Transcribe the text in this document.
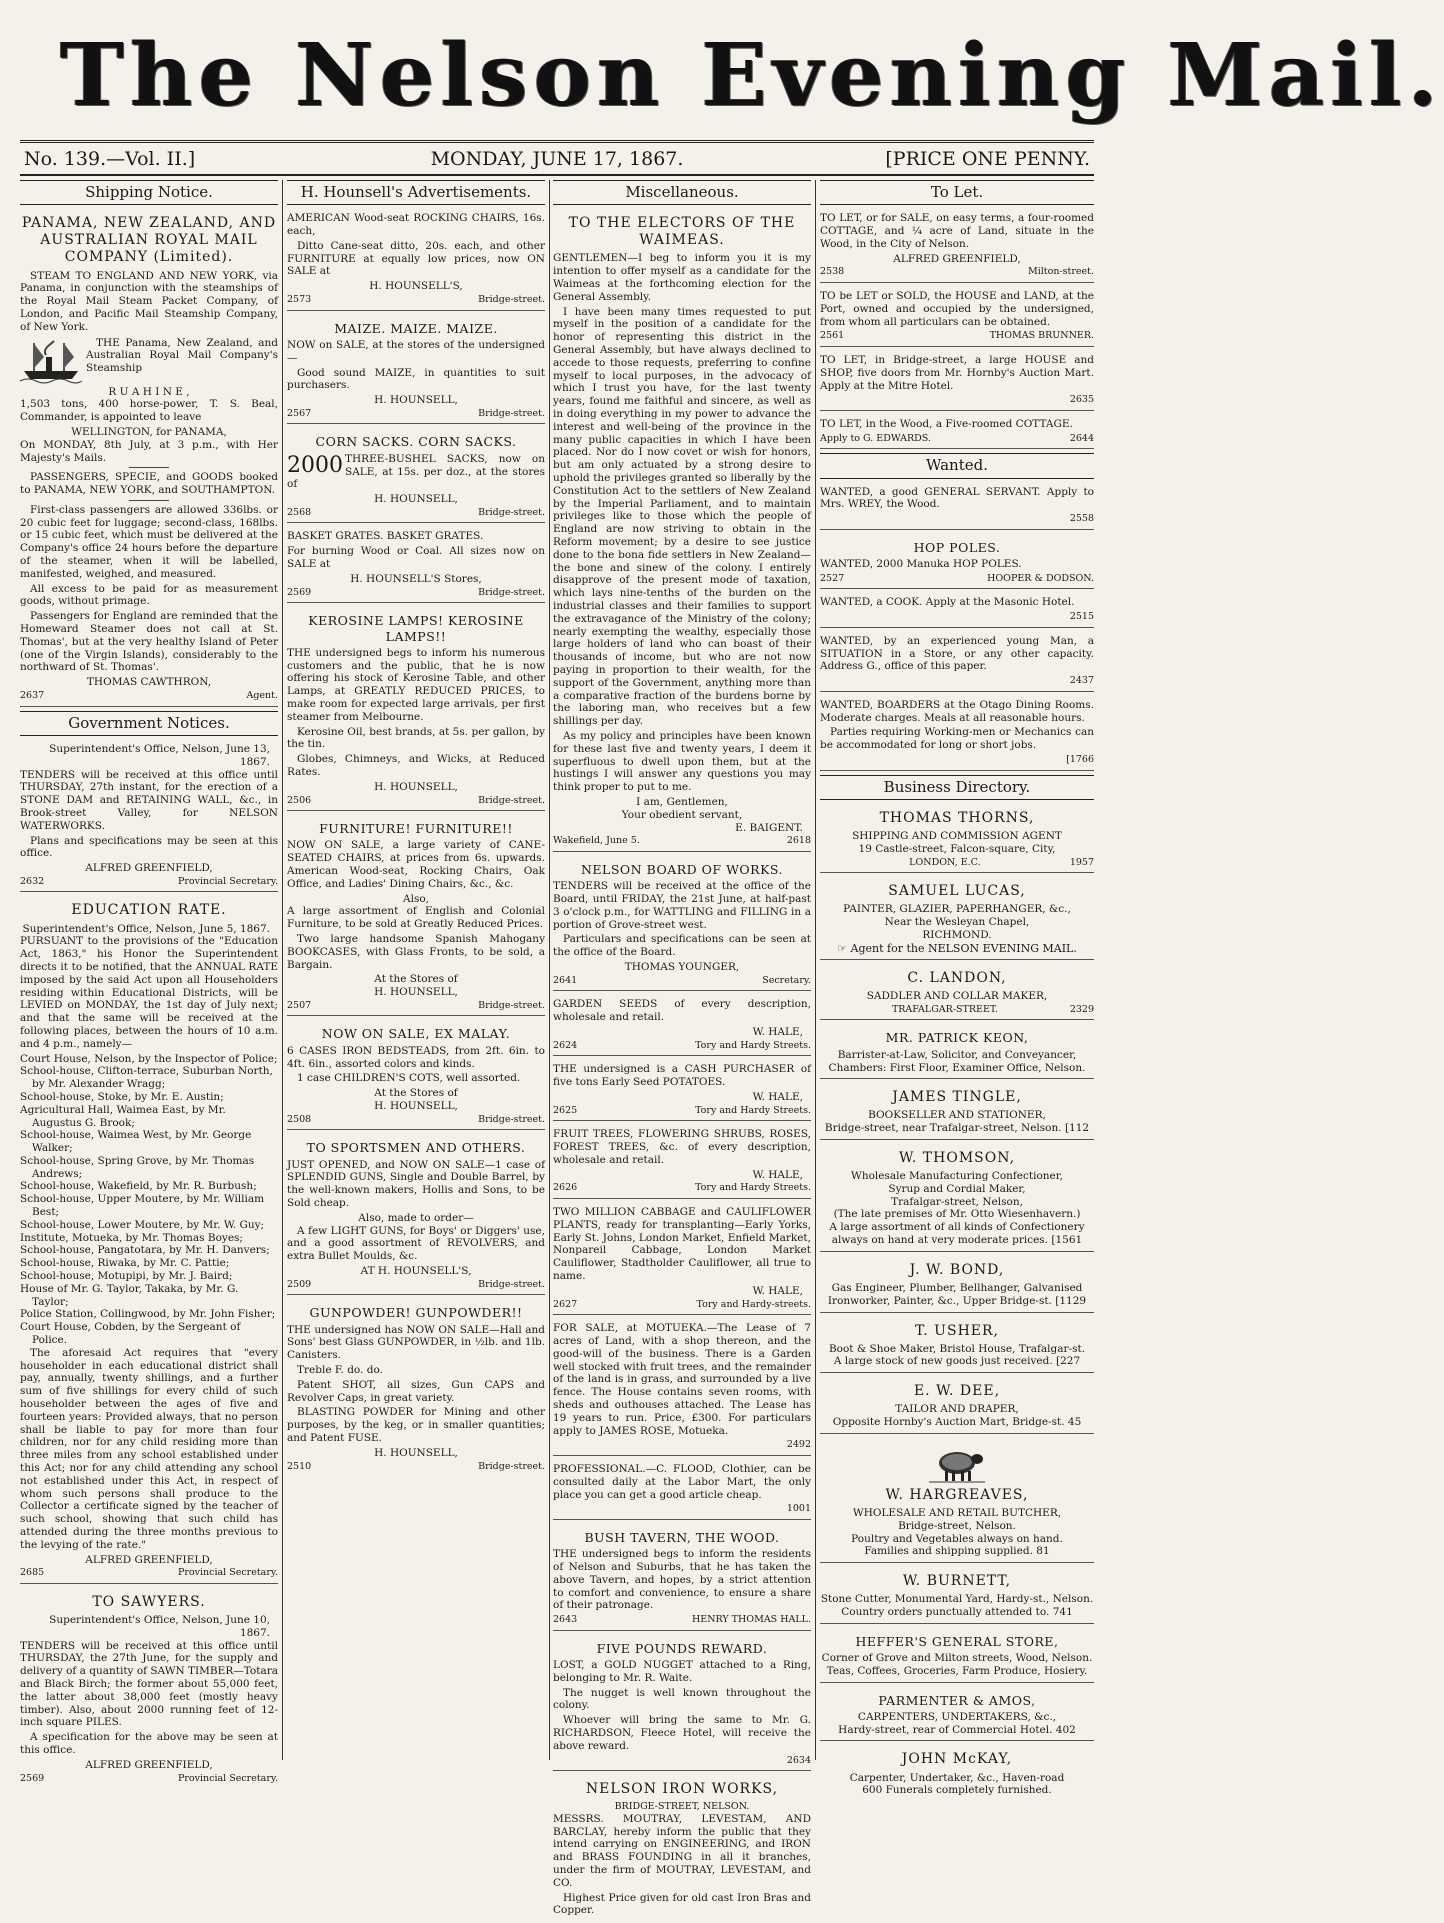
The Nelson Evening Mail.
No. 139.—Vol. II.]	MONDAY, JUNE 17, 1867.	[PRICE ONE PENNY.
Shipping Notice.
PANAMA, NEW ZEALAND, AND AUSTRALIAN ROYAL MAIL COMPANY (Limited).
STEAM TO ENGLAND AND NEW YORK, via Panama, in conjunction with the steamships of the Royal Mail Steam Packet Company, of London, and Pacific Mail Steamship Company, of New York.
THE Panama, New Zealand, and Australian Royal Mail Company's Steamship
R U A H I N E ,
1,503 tons, 400 horse-power, T. S. Beal, Commander, is appointed to leave
WELLINGTON, for PANAMA,
On MONDAY, 8th July, at 3 p.m., with Her Majesty's Mails.
PASSENGERS, SPECIE, and GOODS booked to PANAMA, NEW YORK, and SOUTHAMPTON.
First-class passengers are allowed 336lbs. or 20 cubic feet for luggage; second-class, 168lbs. or 15 cubic feet, which must be delivered at the Company's office 24 hours before the departure of the steamer, when it will be labelled, manifested, weighed, and measured.
All excess to be paid for as measurement goods, without primage.
Passengers for England are reminded that the Homeward Steamer does not call at St. Thomas', but at the very healthy Island of Peter (one of the Virgin Islands), considerably to the northward of St. Thomas'.
THOMAS CAWTHRON,
2637	Agent.
Government Notices.
Superintendent's Office, Nelson, June 13, 1867.
TENDERS will be received at this office until THURSDAY, 27th instant, for the erection of a STONE DAM and RETAINING WALL, &c., in Brook-street Valley, for NELSON WATERWORKS.
Plans and specifications may be seen at this office.
ALFRED GREENFIELD,
2632	Provincial Secretary.
EDUCATION RATE.
Superintendent's Office, Nelson, June 5, 1867.
PURSUANT to the provisions of the "Education Act, 1863," his Honor the Superintendent directs it to be notified, that the ANNUAL RATE imposed by the said Act upon all Householders residing within Educational Districts, will be LEVIED on MONDAY, the 1st day of July next; and that the same will be received at the following places, between the hours of 10 a.m. and 4 p.m., namely—
Court House, Nelson, by the Inspector of Police;
School-house, Clifton-terrace, Suburban North, by Mr. Alexander Wragg;
School-house, Stoke, by Mr. E. Austin;
Agricultural Hall, Waimea East, by Mr. Augustus G. Brook;
School-house, Waimea West, by Mr. George Walker;
School-house, Spring Grove, by Mr. Thomas Andrews;
School-house, Wakefield, by Mr. R. Burbush;
School-house, Upper Moutere, by Mr. William Best;
School-house, Lower Moutere, by Mr. W. Guy;
Institute, Motueka, by Mr. Thomas Boyes;
School-house, Pangatotara, by Mr. H. Danvers;
School-house, Riwaka, by Mr. C. Pattie;
School-house, Motupipi, by Mr. J. Baird;
House of Mr. G. Taylor, Takaka, by Mr. G. Taylor;
Police Station, Collingwood, by Mr. John Fisher;
Court House, Cobden, by the Sergeant of Police.
The aforesaid Act requires that "every householder in each educational district shall pay, annually, twenty shillings, and a further sum of five shillings for every child of such householder between the ages of five and fourteen years: Provided always, that no person shall be liable to pay for more than four children, nor for any child residing more than three miles from any school established under this Act; nor for any child attending any school not established under this Act, in respect of whom such persons shall produce to the Collector a certificate signed by the teacher of such school, showing that such child has attended during the three months previous to the levying of the rate."
ALFRED GREENFIELD,
2685	Provincial Secretary.
TO SAWYERS.
Superintendent's Office, Nelson, June 10, 1867.
TENDERS will be received at this office until THURSDAY, the 27th June, for the supply and delivery of a quantity of SAWN TIMBER—Totara and Black Birch; the former about 55,000 feet, the latter about 38,000 feet (mostly heavy timber). Also, about 2000 running feet of 12-inch square PILES.
A specification for the above may be seen at this office.
ALFRED GREENFIELD,
2569	Provincial Secretary.
H. Hounsell's Advertisements.
AMERICAN Wood-seat ROCKING CHAIRS, 16s. each,
Ditto Cane-seat ditto, 20s. each, and other FURNITURE at equally low prices, now ON SALE at
H. HOUNSELL'S,
2573	Bridge-street.
MAIZE. MAIZE. MAIZE.
NOW on SALE, at the stores of the undersigned—
Good sound MAIZE, in quantities to suit purchasers.
H. HOUNSELL,
2567	Bridge-street.
CORN SACKS. CORN SACKS.
2000 THREE-BUSHEL SACKS, now on SALE, at 15s. per doz., at the stores of
H. HOUNSELL,
2568	Bridge-street.
BASKET GRATES. BASKET GRATES.
For burning Wood or Coal. All sizes now on SALE at
H. HOUNSELL'S Stores,
2569	Bridge-street.
KEROSINE LAMPS! KEROSINE LAMPS!!
THE undersigned begs to inform his numerous customers and the public, that he is now offering his stock of Kerosine Table, and other Lamps, at GREATLY REDUCED PRICES, to make room for expected large arrivals, per first steamer from Melbourne.
Kerosine Oil, best brands, at 5s. per gallon, by the tin.
Globes, Chimneys, and Wicks, at Reduced Rates.
H. HOUNSELL,
2506	Bridge-street.
FURNITURE! FURNITURE!!
NOW ON SALE, a large variety of CANE-SEATED CHAIRS, at prices from 6s. upwards. American Wood-seat, Rocking Chairs, Oak Office, and Ladies' Dining Chairs, &c., &c.
Also,
A large assortment of English and Colonial Furniture, to be sold at Greatly Reduced Prices.
Two large handsome Spanish Mahogany BOOKCASES, with Glass Fronts, to be sold, a Bargain.
At the Stores of
H. HOUNSELL,
2507	Bridge-street.
NOW ON SALE, EX MALAY.
6 CASES IRON BEDSTEADS, from 2ft. 6in. to 4ft. 6in., assorted colors and kinds.
1 case CHILDREN'S COTS, well assorted.
At the Stores of
H. HOUNSELL,
2508	Bridge-street.
TO SPORTSMEN AND OTHERS.
JUST OPENED, and NOW ON SALE—1 case of SPLENDID GUNS, Single and Double Barrel, by the well-known makers, Hollis and Sons, to be Sold cheap.
Also, made to order—
A few LIGHT GUNS, for Boys' or Diggers' use, and a good assortment of REVOLVERS, and extra Bullet Moulds, &c.
AT H. HOUNSELL'S,
2509	Bridge-street.
GUNPOWDER! GUNPOWDER!!
THE undersigned has NOW ON SALE—Hall and Sons' best Glass GUNPOWDER, in ½lb. and 1lb. Canisters.
Treble F. do. do.
Patent SHOT, all sizes, Gun CAPS and Revolver Caps, in great variety.
BLASTING POWDER for Mining and other purposes, by the keg, or in smaller quantities; and Patent FUSE.
H. HOUNSELL,
2510	Bridge-street.
Miscellaneous.
TO THE ELECTORS OF THE WAIMEAS.
GENTLEMEN—I beg to inform you it is my intention to offer myself as a candidate for the Waimeas at the forthcoming election for the General Assembly.
I have been many times requested to put myself in the position of a candidate for the honor of representing this district in the General Assembly, but have always declined to accede to those requests, preferring to confine myself to local purposes, in the advocacy of which I trust you have, for the last twenty years, found me faithful and sincere, as well as in doing everything in my power to advance the interest and well-being of the province in the many public capacities in which I have been placed. Nor do I now covet or wish for honors, but am only actuated by a strong desire to uphold the privileges granted so liberally by the Constitution Act to the settlers of New Zealand by the Imperial Parliament, and to maintain privileges like to those which the people of England are now striving to obtain in the Reform movement; by a desire to see justice done to the bona fide settlers in New Zealand—the bone and sinew of the colony. I entirely disapprove of the present mode of taxation, which lays nine-tenths of the burden on the industrial classes and their families to support the extravagance of the Ministry of the colony; nearly exempting the wealthy, especially those large holders of land who can boast of their thousands of income, but who are not now paying in proportion to their wealth, for the support of the Government, anything more than a comparative fraction of the burdens borne by the laboring man, who receives but a few shillings per day.
As my policy and principles have been known for these last five and twenty years, I deem it superfluous to dwell upon them, but at the hustings I will answer any questions you may think proper to put to me.
I am, Gentlemen,
Your obedient servant,
E. BAIGENT.
Wakefield, June 5.	2618
NELSON BOARD OF WORKS.
TENDERS will be received at the office of the Board, until FRIDAY, the 21st June, at half-past 3 o'clock p.m., for WATTLING and FILLING in a portion of Grove-street west.
Particulars and specifications can be seen at the office of the Board.
THOMAS YOUNGER,
2641	Secretary.
GARDEN SEEDS of every description, wholesale and retail.
W. HALE,
2624	Tory and Hardy Streets.
THE undersigned is a CASH PURCHASER of five tons Early Seed POTATOES.
W. HALE,
2625	Tory and Hardy Streets.
FRUIT TREES, FLOWERING SHRUBS, ROSES, FOREST TREES, &c. of every description, wholesale and retail.
W. HALE,
2626	Tory and Hardy Streets.
TWO MILLION CABBAGE and CAULIFLOWER PLANTS, ready for transplanting—Early Yorks, Early St. Johns, London Market, Enfield Market, Nonpareil Cabbage, London Market Cauliflower, Stadtholder Cauliflower, all true to name.
W. HALE,
2627	Tory and Hardy-streets.
FOR SALE, at MOTUEKA.—The Lease of 7 acres of Land, with a shop thereon, and the good-will of the business. There is a Garden well stocked with fruit trees, and the remainder of the land is in grass, and surrounded by a live fence. The House contains seven rooms, with sheds and outhouses attached. The Lease has 19 years to run. Price, £300. For particulars apply to JAMES ROSE, Motueka.
2492
PROFESSIONAL.—C. FLOOD, Clothier, can be consulted daily at the Labor Mart, the only place you can get a good article cheap.
1001
BUSH TAVERN, THE WOOD.
THE undersigned begs to inform the residents of Nelson and Suburbs, that he has taken the above Tavern, and hopes, by a strict attention to comfort and convenience, to ensure a share of their patronage.
2643	HENRY THOMAS HALL.
FIVE POUNDS REWARD.
LOST, a GOLD NUGGET attached to a Ring, belonging to Mr. R. Waite.
The nugget is well known throughout the colony.
Whoever will bring the same to Mr. G. RICHARDSON, Fleece Hotel, will receive the above reward.
2634
NELSON IRON WORKS,
BRIDGE-STREET, NELSON.
MESSRS. MOUTRAY, LEVESTAM, AND BARCLAY, hereby inform the public that they intend carrying on ENGINEERING, and IRON and BRASS FOUNDING in all it branches, under the firm of MOUTRAY, LEVESTAM, and CO.
Highest Price given for old cast Iron Bras and Copper.
To Let.
TO LET, or for SALE, on easy terms, a four-roomed COTTAGE, and ¼ acre of Land, situate in the Wood, in the City of Nelson.
ALFRED GREENFIELD,
2538	Milton-street.
TO be LET or SOLD, the HOUSE and LAND, at the Port, owned and occupied by the undersigned, from whom all particulars can be obtained.
2561	THOMAS BRUNNER.
TO LET, in Bridge-street, a large HOUSE and SHOP, five doors from Mr. Hornby's Auction Mart. Apply at the Mitre Hotel.
2635
TO LET, in the Wood, a Five-roomed COTTAGE.
Apply to G. EDWARDS.	2644
Wanted.
WANTED, a good GENERAL SERVANT. Apply to Mrs. WREY, the Wood.
2558
HOP POLES.
WANTED, 2000 Manuka HOP POLES.
2527	HOOPER & DODSON.
WANTED, a COOK. Apply at the Masonic Hotel.
2515
WANTED, by an experienced young Man, a SITUATION in a Store, or any other capacity. Address G., office of this paper.
2437
WANTED, BOARDERS at the Otago Dining Rooms. Moderate charges. Meals at all reasonable hours.
Parties requiring Working-men or Mechanics can be accommodated for long or short jobs.
[1766
Business Directory.
THOMAS THORNS,
SHIPPING AND COMMISSION AGENT
19 Castle-street, Falcon-square, City,
LONDON, E.C.	1957
SAMUEL LUCAS,
PAINTER, GLAZIER, PAPERHANGER, &c.,
Near the Wesleyan Chapel,
RICHMOND.
☞ Agent for the NELSON EVENING MAIL.
C. LANDON,
SADDLER AND COLLAR MAKER,
TRAFALGAR-STREET.	2329
MR. PATRICK KEON,
Barrister-at-Law, Solicitor, and Conveyancer, Chambers: First Floor, Examiner Office, Nelson.
JAMES TINGLE,
BOOKSELLER AND STATIONER,
Bridge-street, near Trafalgar-street, Nelson. [112
W. THOMSON,
Wholesale Manufacturing Confectioner,
Syrup and Cordial Maker,
Trafalgar-street, Nelson,
(The late premises of Mr. Otto Wiesenhavern.)
A large assortment of all kinds of Confectionery always on hand at very moderate prices. [1561
J. W. BOND,
Gas Engineer, Plumber, Bellhanger, Galvanised Ironworker, Painter, &c., Upper Bridge-st. [1129
T. USHER,
Boot & Shoe Maker, Bristol House, Trafalgar-st.
A large stock of new goods just received. [227
E. W. DEE,
TAILOR AND DRAPER,
Opposite Hornby's Auction Mart, Bridge-st. 45
W. HARGREAVES,
WHOLESALE AND RETAIL BUTCHER,
Bridge-street, Nelson.
Poultry and Vegetables always on hand.
Families and shipping supplied. 81
W. BURNETT,
Stone Cutter, Monumental Yard, Hardy-st., Nelson.
Country orders punctually attended to. 741
HEFFER'S GENERAL STORE,
Corner of Grove and Milton streets, Wood, Nelson.
Teas, Coffees, Groceries, Farm Produce, Hosiery.
PARMENTER & AMOS,
CARPENTERS, UNDERTAKERS, &c.,
Hardy-street, rear of Commercial Hotel. 402
JOHN McKAY,
Carpenter, Undertaker, &c., Haven-road
600 Funerals completely furnished.
